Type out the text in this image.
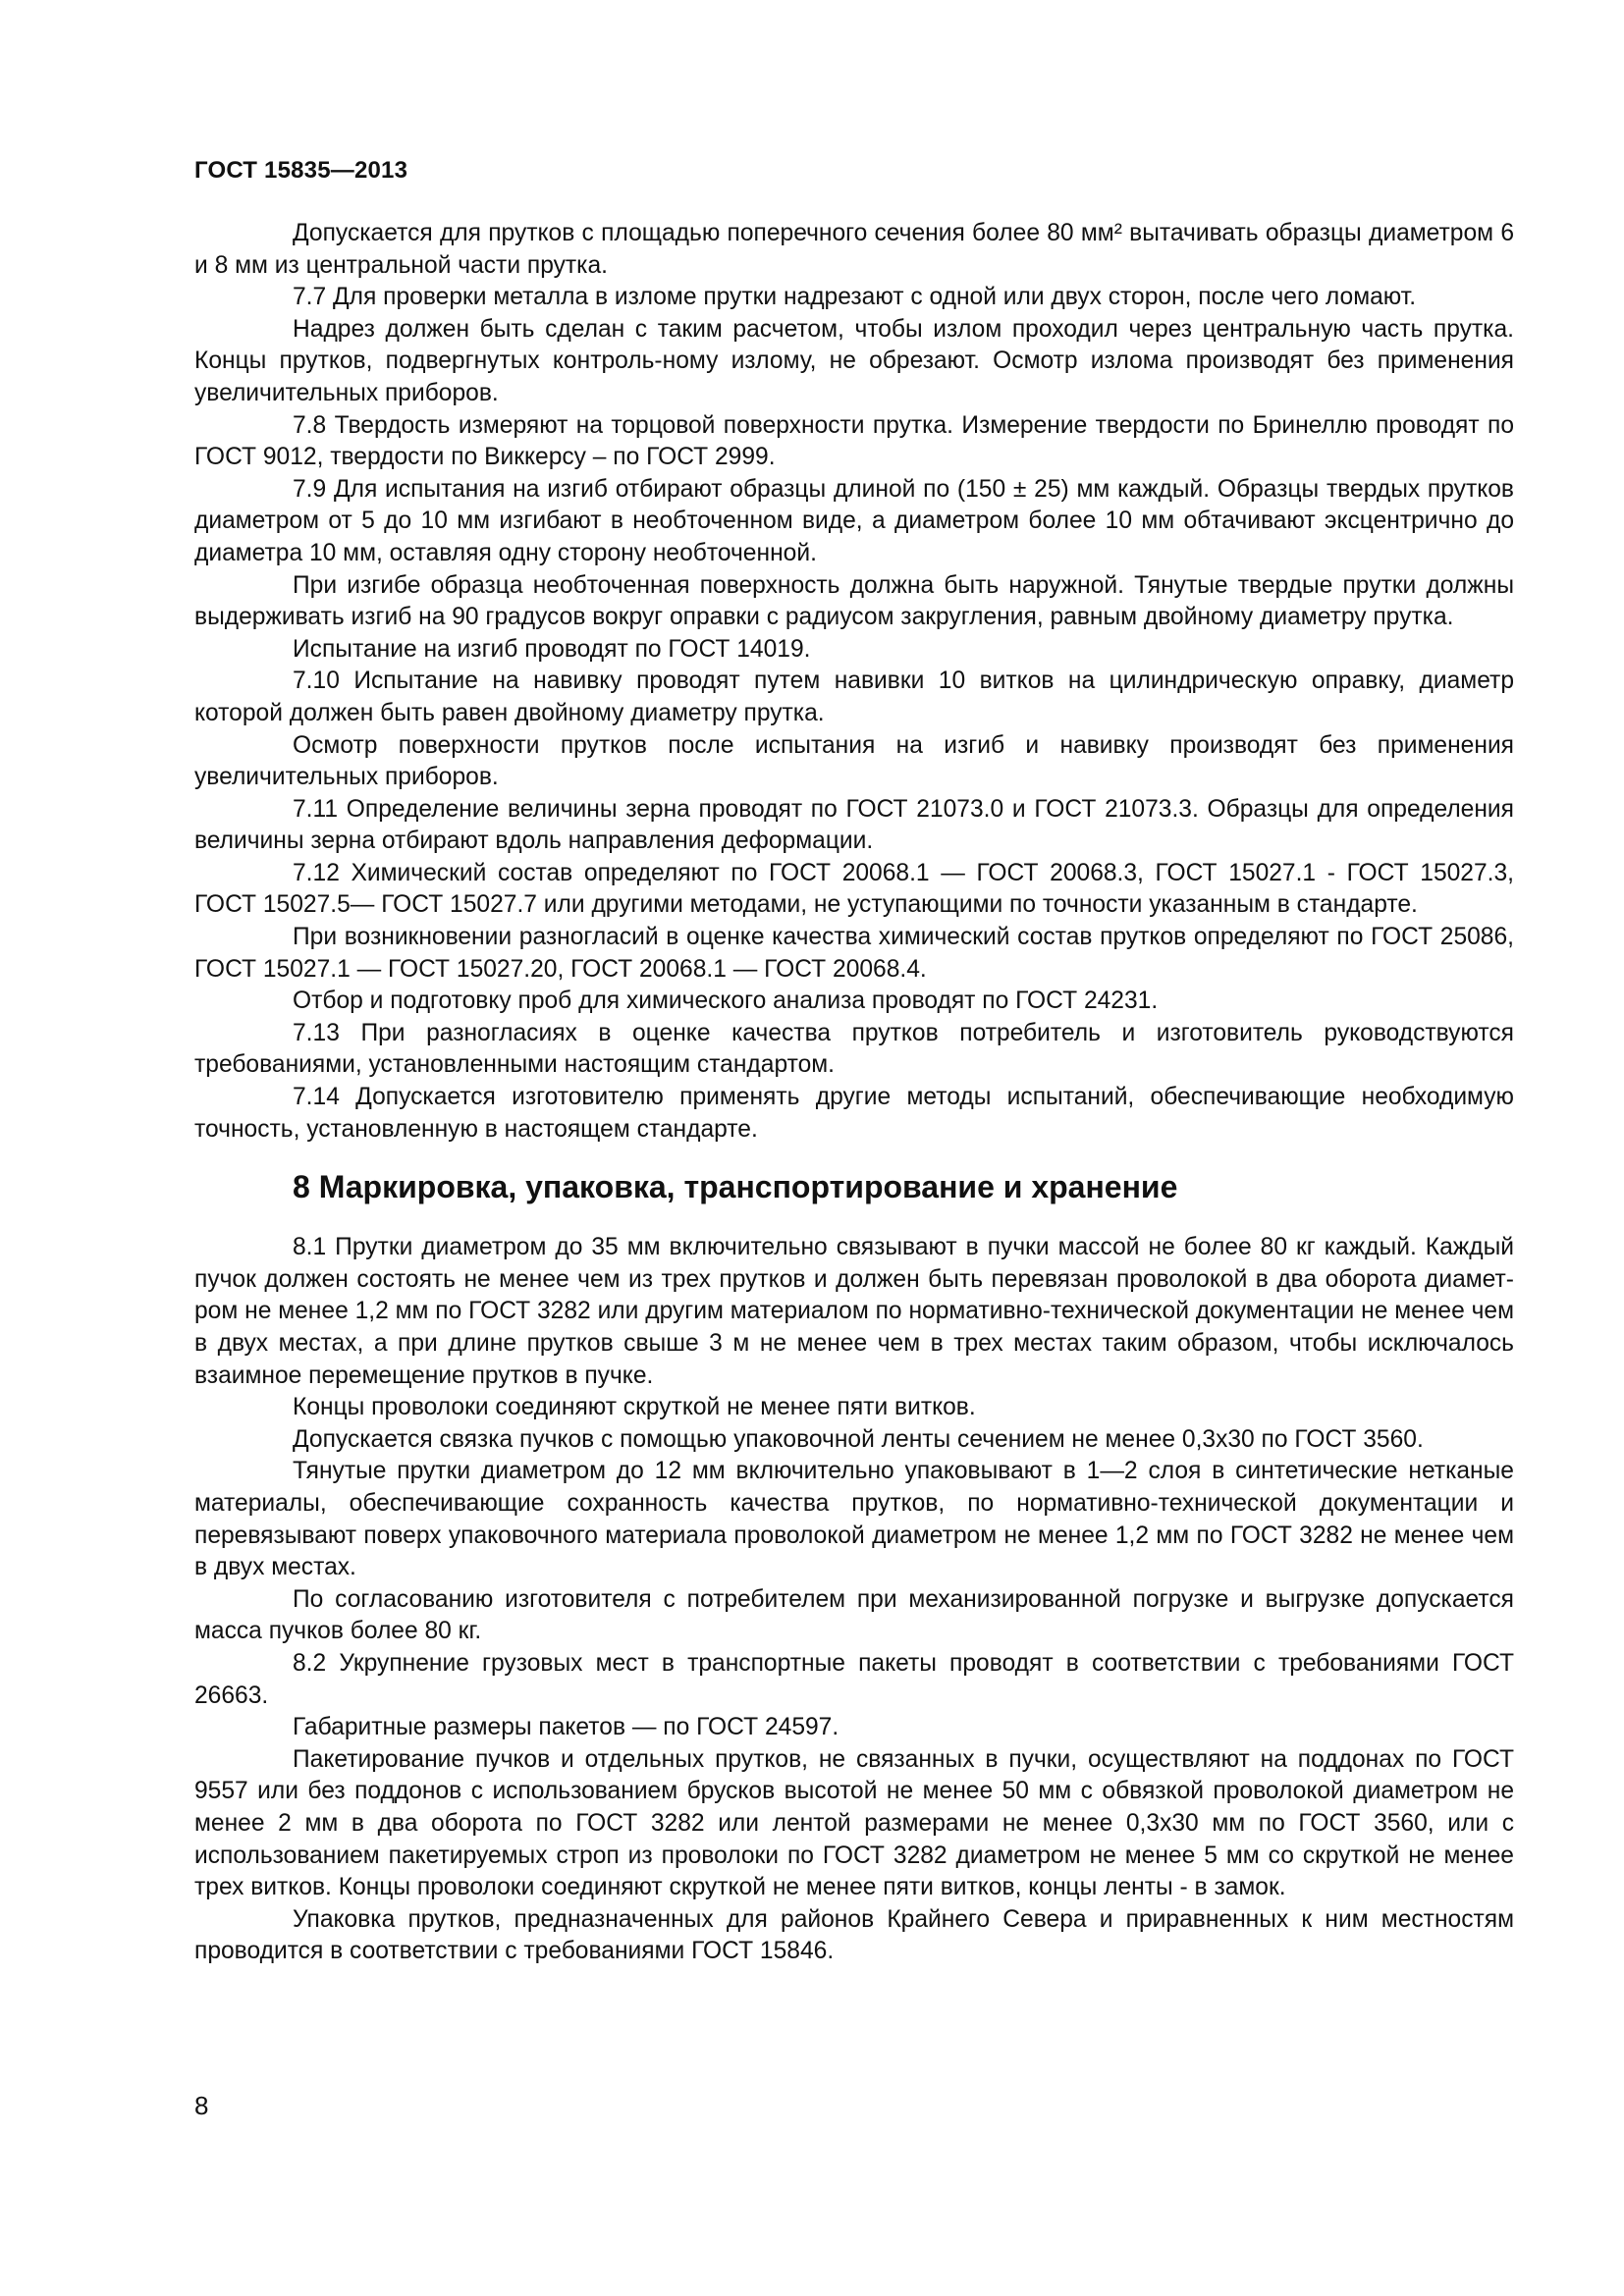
ГОСТ 15835—2013

Допускается для прутков с площадью поперечного сечения более 80 мм² вытачивать образцы диаметром 6 и 8 мм из центральной части прутка.

7.7 Для проверки металла в изломе прутки надрезают с одной или двух сторон, после чего ломают.

Надрез должен быть сделан с таким расчетом, чтобы излом проходил через центральную часть прутка. Концы прутков, подвергнутых контроль-ному излому, не обрезают. Осмотр излома производят без применения увеличительных приборов.

7.8 Твердость измеряют на торцовой поверхности прутка. Измерение твердости по Бринеллю проводят по ГОСТ 9012, твердости по Виккерсу – по ГОСТ 2999.

7.9 Для испытания на изгиб отбирают образцы длиной по (150 ± 25) мм каждый. Образцы твердых прутков диаметром от 5 до 10 мм изгибают в необточенном виде, а диаметром более 10 мм обтачивают эксцентрично до диаметра 10 мм, оставляя одну сторону необточенной.

При изгибе образца необточенная поверхность должна быть наружной. Тянутые твердые прутки должны выдерживать изгиб на 90 градусов вокруг оправки с радиусом закругления, равным двойному диаметру прутка.

Испытание на изгиб проводят по ГОСТ 14019.

7.10 Испытание на навивку проводят путем навивки 10 витков на цилиндрическую оправку, диаметр которой должен быть равен двойному диаметру прутка.

Осмотр поверхности прутков после испытания на изгиб и навивку производят без применения увеличительных приборов.

7.11 Определение величины зерна проводят по ГОСТ 21073.0 и ГОСТ 21073.3. Образцы для определения величины зерна отбирают вдоль направления деформации.

7.12 Химический состав определяют по ГОСТ 20068.1 — ГОСТ 20068.3, ГОСТ 15027.1 - ГОСТ 15027.3, ГОСТ 15027.5— ГОСТ 15027.7 или другими методами, не уступающими по точности указанным в стандарте.

При возникновении разногласий в оценке качества химический состав прутков определяют по ГОСТ 25086, ГОСТ 15027.1 — ГОСТ 15027.20, ГОСТ 20068.1 — ГОСТ 20068.4.

Отбор и подготовку проб для химического анализа проводят по ГОСТ 24231.

7.13 При разногласиях в оценке качества прутков потребитель и изготовитель руководствуются требованиями, установленными настоящим стандартом.

7.14 Допускается изготовителю применять другие методы испытаний, обеспечивающие необходимую точность, установленную в настоящем стандарте.

8 Маркировка, упаковка, транспортирование и хранение

8.1 Прутки диаметром до 35 мм включительно связывают в пучки массой не более 80 кг каждый. Каждый пучок должен состоять не менее чем из трех прутков и должен быть перевязан проволокой в два оборота диамет-ром не менее 1,2 мм по ГОСТ 3282 или другим материалом по нормативно-технической документации не менее чем в двух местах, а при длине прутков свыше 3 м не менее чем в трех местах таким образом, чтобы исключалось взаимное перемещение прутков в пучке.

Концы проволоки соединяют скруткой не менее пяти витков.

Допускается связка пучков с помощью упаковочной ленты сечением не менее 0,3х30 по ГОСТ 3560.

Тянутые прутки диаметром до 12 мм включительно упаковывают в 1—2 слоя в синтетические нетканые материалы, обеспечивающие сохранность качества прутков, по нормативно-технической документации и перевязывают поверх упаковочного материала проволокой диаметром не менее 1,2 мм по ГОСТ 3282 не менее чем в двух местах.

По согласованию изготовителя с потребителем при механизированной погрузке и выгрузке допускается масса пучков более 80 кг.

8.2 Укрупнение грузовых мест в транспортные пакеты проводят в соответствии с требованиями ГОСТ 26663.

Габаритные размеры пакетов — по ГОСТ 24597.

Пакетирование пучков и отдельных прутков, не связанных в пучки, осуществляют на поддонах по ГОСТ 9557 или без поддонов с использованием брусков высотой не менее 50 мм с обвязкой проволокой диаметром не менее 2 мм в два оборота по ГОСТ 3282 или лентой размерами не менее 0,3х30 мм по ГОСТ 3560, или с использованием пакетируемых строп из проволоки по ГОСТ 3282 диаметром не менее 5 мм со скруткой не менее трех витков. Концы проволоки соединяют скруткой не менее пяти витков, концы ленты - в замок.

Упаковка прутков, предназначенных для районов Крайнего Севера и приравненных к ним местностям проводится в соответствии с требованиями ГОСТ 15846.

8
